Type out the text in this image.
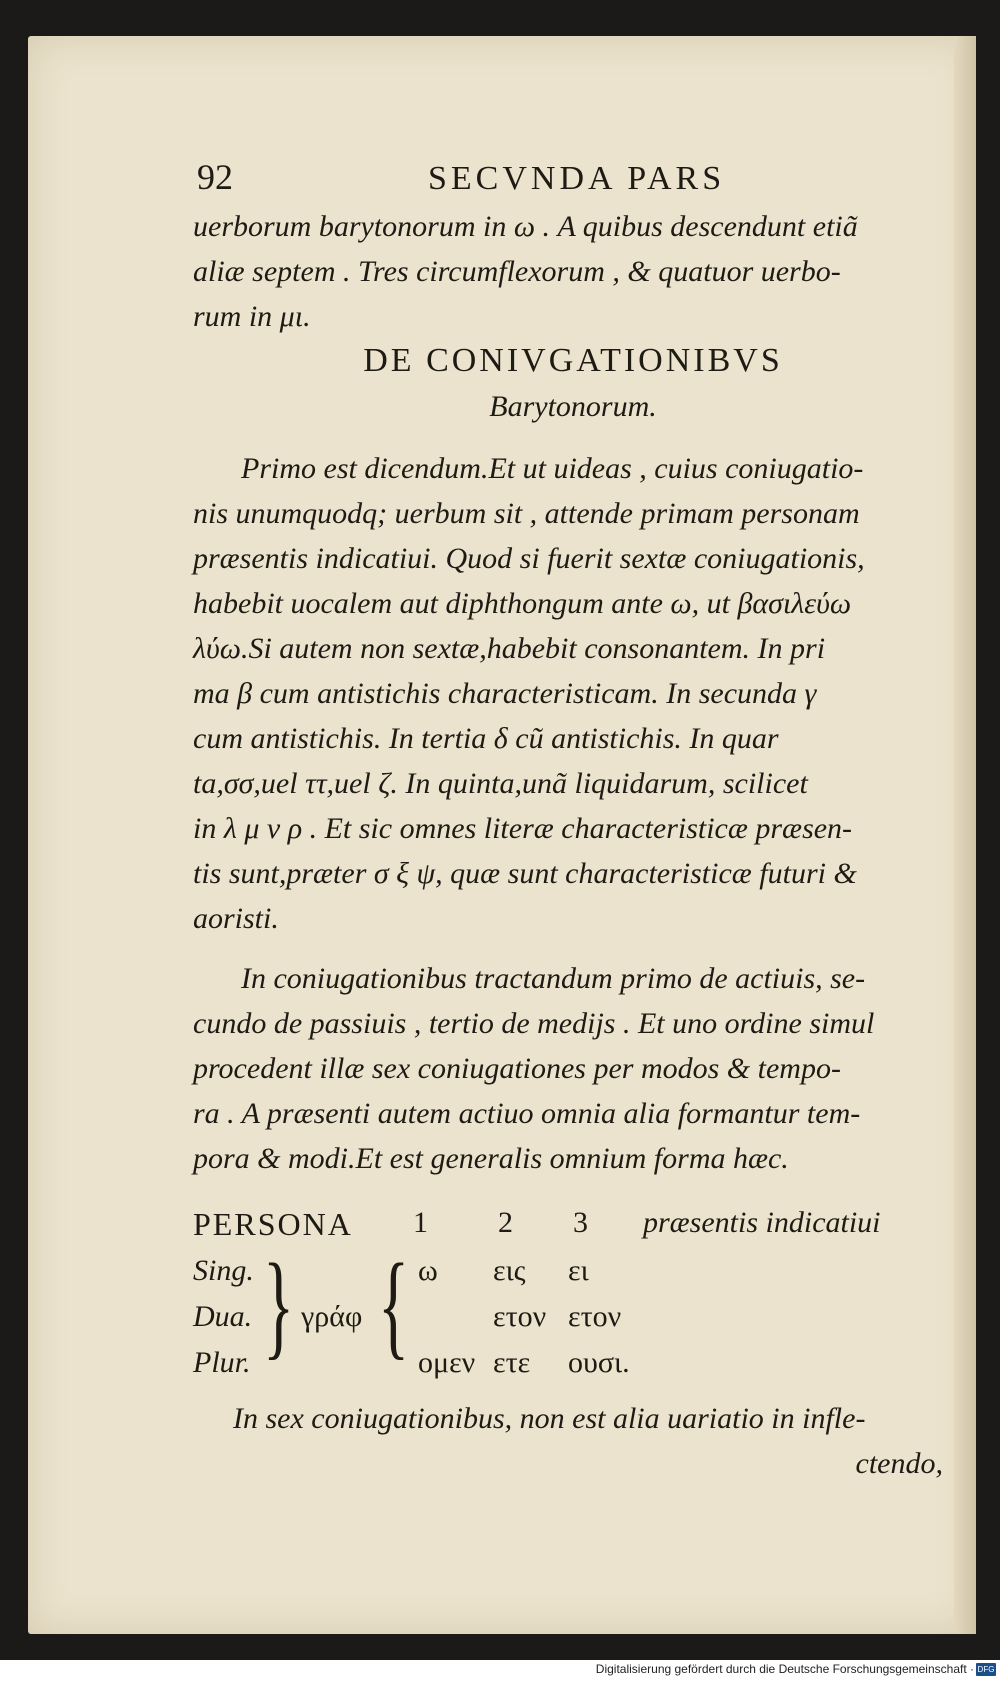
92	SECVNDA PARS

uerborum barytonorum in ω . A quibus descendunt etiã
aliæ septem . Tres circumflexorum , & quatuor uerbo-
rum in μι.

DE CONIVGATIONIBVS
Barytonorum.

Primo est dicendum.Et ut uideas , cuius coniugatio-
nis unumquodq; uerbum sit , attende primam personam
præsentis indicatiui. Quod si fuerit sextæ coniugationis,
habebit uocalem aut diphthongum ante ω, ut βασιλεύω
λύω.Si autem non sextæ,habebit consonantem. In pri
ma β cum antistichis characteristicam. In secunda γ
cum antistichis. In tertia δ cũ antistichis. In quar
ta,σσ,uel ττ,uel ζ. In quinta,unã liquidarum, scilicet
in λ μ ν ρ . Et sic omnes literæ characteristicæ præsen-
tis sunt,præter σ ξ ψ, quæ sunt characteristicæ futuri &
aoristi.

In coniugationibus tractandum primo de actiuis, se-
cundo de passiuis , tertio de medijs . Et uno ordine simul
procedent illæ sex coniugationes per modos & tempo-
ra . A præsenti autem actiuo omnia alia formantur tem-
pora & modi.Et est generalis omnium forma hæc.

PERSONA 1 2 3 præsentis indicatiui
Sing.
Dua.
Plur. } γράφ { ω εις ει
ετον ετον
ομεν ετε ουσι.

In sex coniugationibus, non est alia uariatio in infle-
ctendo,

Digitalisierung gefördert durch die Deutsche Forschungsgemeinschaft · DFG
